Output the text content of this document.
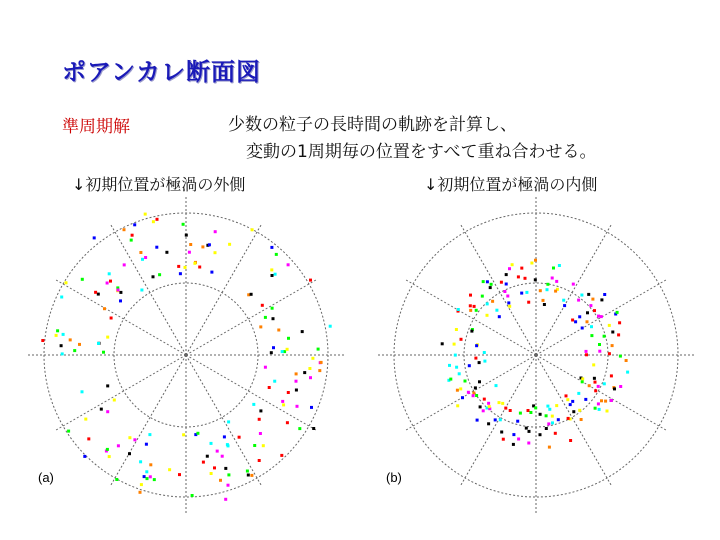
ポアンカレ断面図
準周期解	少数の粒子の長時間の軌跡を計算し、
変動の1周期毎の位置をすべて重ね合わせる。
↓初期位置が極渦の外側	↓初期位置が極渦の内側
(a)	(b)
